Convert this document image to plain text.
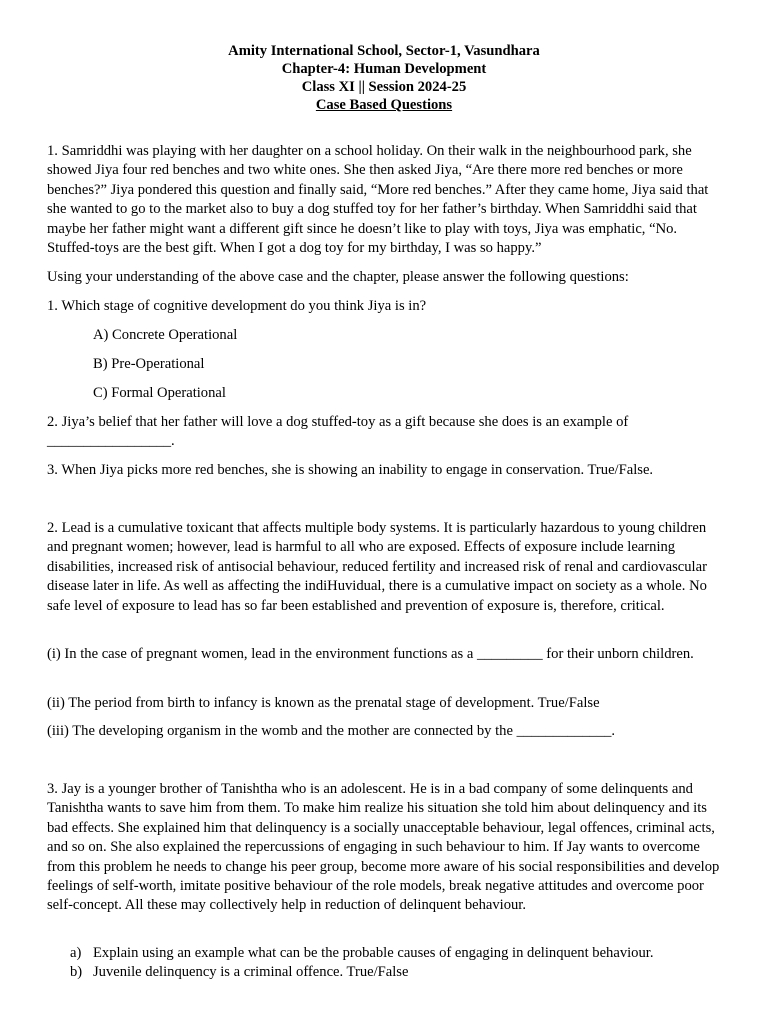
Amity International School, Sector-1, Vasundhara
Chapter-4: Human Development
Class XI || Session 2024-25
Case Based Questions

1. Samriddhi was playing with her daughter on a school holiday. On their walk in the neighbourhood park, she showed Jiya four red benches and two white ones. She then asked Jiya, “Are there more red benches or more benches?” Jiya pondered this question and finally said, “More red benches.” After they came home, Jiya said that she wanted to go to the market also to buy a dog stuffed toy for her father’s birthday. When Samriddhi said that maybe her father might want a different gift since he doesn’t like to play with toys, Jiya was emphatic, “No. Stuffed-toys are the best gift. When I got a dog toy for my birthday, I was so happy.”

Using your understanding of the above case and the chapter, please answer the following questions:

1. Which stage of cognitive development do you think Jiya is in?

A) Concrete Operational

B) Pre-Operational

C) Formal Operational

2. Jiya’s belief that her father will love a dog stuffed-toy as a gift because she does is an example of _________________.

3. When Jiya picks more red benches, she is showing an inability to engage in conservation. True/False.

2. Lead is a cumulative toxicant that affects multiple body systems. It is particularly hazardous to young children and pregnant women; however, lead is harmful to all who are exposed. Effects of exposure include learning disabilities, increased risk of antisocial behaviour, reduced fertility and increased risk of renal and cardiovascular disease later in life. As well as affecting the indiHuvidual, there is a cumulative impact on society as a whole. No safe level of exposure to lead has so far been established and prevention of exposure is, therefore, critical.

(i) In the case of pregnant women, lead in the environment functions as a _________ for their unborn children.

(ii) The period from birth to infancy is known as the prenatal stage of development. True/False

(iii) The developing organism in the womb and the mother are connected by the _____________.

3. Jay is a younger brother of Tanishtha who is an adolescent. He is in a bad company of some delinquents and Tanishtha wants to save him from them. To make him realize his situation she told him about delinquency and its bad effects. She explained him that delinquency is a socially unacceptable behaviour, legal offences, criminal acts, and so on. She also explained the repercussions of engaging in such behaviour to him. If Jay wants to overcome from this problem he needs to change his peer group, become more aware of his social responsibilities and develop feelings of self-worth, imitate positive behaviour of the role models, break negative attitudes and overcome poor self-concept. All these may collectively help in reduction of delinquent behaviour.

a) Explain using an example what can be the probable causes of engaging in delinquent behaviour.

b) Juvenile delinquency is a criminal offence. True/False
